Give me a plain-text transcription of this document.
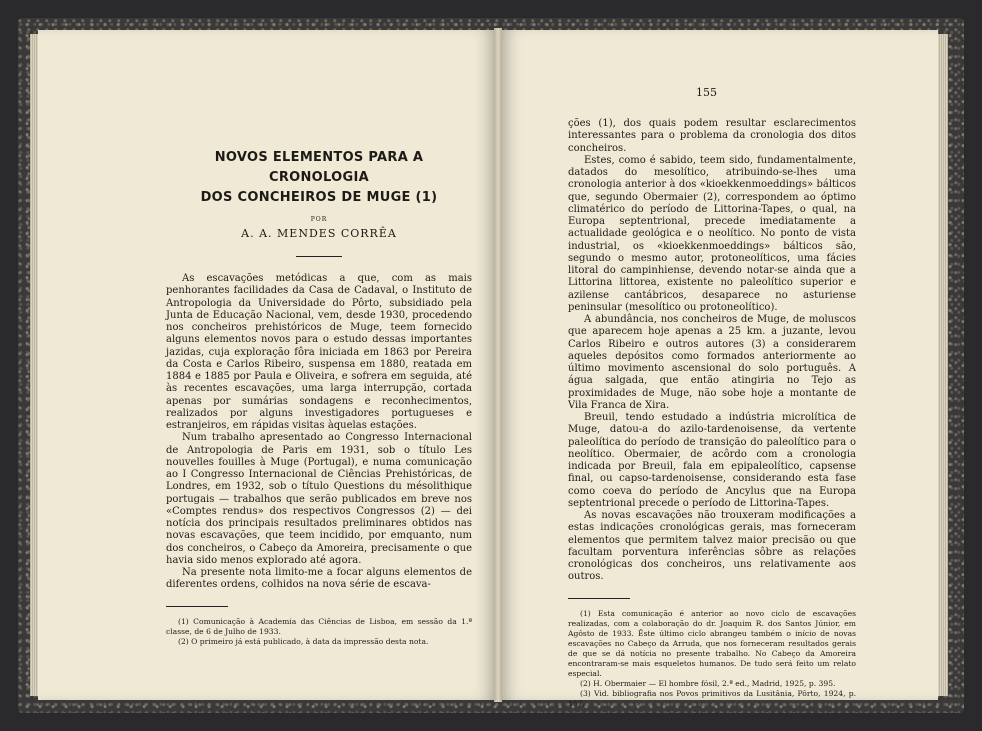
NOVOS ELEMENTOS PARA A CRONOLOGIA

DOS CONCHEIROS DE MUGE (1)

POR
A. A. MENDES CORRÊA

As escavações metódicas a que, com as mais penhorantes facilidades da Casa de Cadaval, o Instituto de Antropologia da Universidade do Pôrto, subsidiado pela Junta de Educação Nacional, vem, desde 1930, procedendo nos concheiros prehistóricos de Muge, teem fornecido alguns elementos novos para o estudo dessas importantes jazidas, cuja exploração fôra iniciada em 1863 por Pereira da Costa e Carlos Ribeiro, suspensa em 1880, reatada em 1884 e 1885 por Paula e Oliveira, e sofrera em seguida, até às recentes escavações, uma larga interrupção, cortada apenas por sumárias sondagens e reconhecimentos, realizados por alguns investigadores portugueses e estranjeiros, em rápidas visitas àquelas estações.

Num trabalho apresentado ao Congresso Internacional de Antropologia de Paris em 1931, sob o título Les nouvelles fouilles à Muge (Portugal), e numa comunicação ao I Congresso Internacional de Ciências Prehistóricas, de Londres, em 1932, sob o título Questions du mésolithique portugais — trabalhos que serão publicados em breve nos «Comptes rendus» dos respectivos Congressos (2) — dei notícia dos principais resultados preliminares obtidos nas novas escavações, que teem incidido, por emquanto, num dos concheiros, o Cabeço da Amoreira, precisamente o que havia sido menos explorado até agora.

Na presente nota limito-me a focar alguns elementos de diferentes ordens, colhidos na nova série de escava-

(1) Comunicação à Academia das Ciências de Lisboa, em sessão da 1.ª classe, de 6 de Julho de 1933.

(2) O primeiro já está publicado, à data da impressão desta nota.

155

ções (1), dos quais podem resultar esclarecimentos interessantes para o problema da cronologia dos ditos concheiros.

Estes, como é sabido, teem sido, fundamentalmente, datados do mesolítico, atribuindo-se-lhes uma cronologia anterior à dos «kioekkenmoeddings» bálticos que, segundo Obermaier (2), correspondem ao óptimo climatérico do período de Littorina-Tapes, o qual, na Europa septentrional, precede imediatamente a actualidade geológica e o neolítico. No ponto de vista industrial, os «kioekkenmoeddings» bálticos são, segundo o mesmo autor, protoneolíticos, uma fácies litoral do campinhiense, devendo notar-se ainda que a Littorina littorea, existente no paleolítico superior e azilense cantábricos, desaparece no asturiense peninsular (mesolítico ou protoneolítico).

A abundância, nos concheiros de Muge, de moluscos que aparecem hoje apenas a 25 km. a juzante, levou Carlos Ribeiro e outros autores (3) a considerarem aqueles depósitos como formados anteriormente ao último movimento ascensional do solo português. A água salgada, que então atingiria no Tejo as proximidades de Muge, não sobe hoje a montante de Vila Franca de Xira.

Breuil, tendo estudado a indústria microlítica de Muge, datou-a do azilo-tardenoisense, da vertente paleolítica do período de transição do paleolítico para o neolítico. Obermaier, de acôrdo com a cronologia indicada por Breuil, fala em epipaleolítico, capsense final, ou capso-tardenoisense, considerando esta fase como coeva do período de Ancylus que na Europa septentrional precede o período de Littorina-Tapes.

As novas escavações não trouxeram modificações a estas indicações cronológicas gerais, mas forneceram elementos que permitem talvez maior precisão ou que facultam porventura inferências sôbre as relações cronológicas dos concheiros, uns relativamente aos outros.

(1) Esta comunicação é anterior ao novo ciclo de escavações realizadas, com a colaboração do dr. Joaquim R. dos Santos Júnior, em Agôsto de 1933. Êste último ciclo abrangeu também o início de novas escavações no Cabeço da Arruda, que nos forneceram resultados gerais de que se dá notícia no presente trabalho. No Cabeço da Amoreira encontraram-se mais esqueletos humanos. De tudo será feito um relato especial.

(2) H. Obermaier — El hombre fósil, 2.ª ed., Madrid, 1925, p. 395.

(3) Vid. bibliografia nos Povos primitivos da Lusitânia, Pôrto, 1924, p. 167.
